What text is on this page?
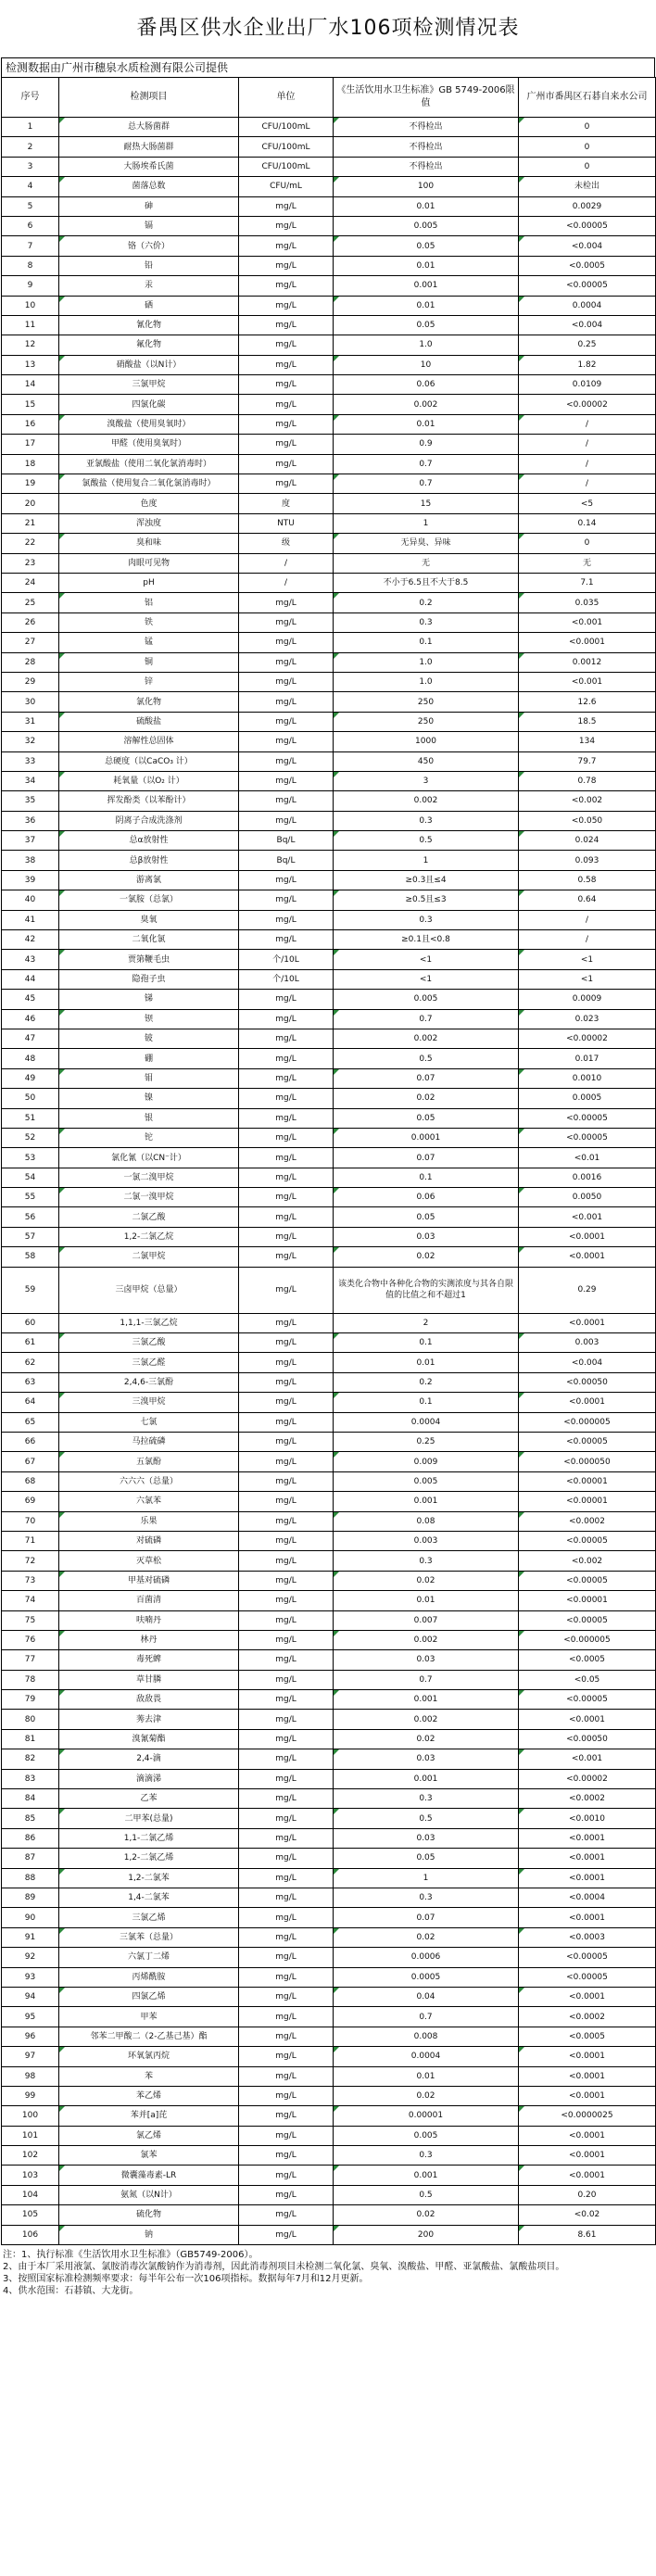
番禺区供水企业出厂水106项检测情况表
检测数据由广州市穗泉水质检测有限公司提供
序号	检测项目	单位	《生活饮用水卫生标准》GB 5749-2006限值	广州市番禺区石碁自来水公司
1	总大肠菌群	CFU/100mL	不得检出	0
2	耐热大肠菌群	CFU/100mL	不得检出	0
3	大肠埃希氏菌	CFU/100mL	不得检出	0
4	菌落总数	CFU/mL	100	未检出
5	砷	mg/L	0.01	0.0029
6	镉	mg/L	0.005	<0.00005
7	铬（六价）	mg/L	0.05	<0.004
8	铅	mg/L	0.01	<0.0005
9	汞	mg/L	0.001	<0.00005
10	硒	mg/L	0.01	0.0004
11	氰化物	mg/L	0.05	<0.004
12	氟化物	mg/L	1.0	0.25
13	硝酸盐（以N计）	mg/L	10	1.82
14	三氯甲烷	mg/L	0.06	0.0109
15	四氯化碳	mg/L	0.002	<0.00002
16	溴酸盐（使用臭氧时）	mg/L	0.01	/
17	甲醛（使用臭氧时）	mg/L	0.9	/
18	亚氯酸盐（使用二氧化氯消毒时）	mg/L	0.7	/
19	氯酸盐（使用复合二氧化氯消毒时）	mg/L	0.7	/
20	色度	度	15	<5
21	浑浊度	NTU	1	0.14
22	臭和味	级	无异臭、异味	0
23	肉眼可见物	/	无	无
24	pH	/	不小于6.5且不大于8.5	7.1
25	铝	mg/L	0.2	0.035
26	铁	mg/L	0.3	<0.001
27	锰	mg/L	0.1	<0.0001
28	铜	mg/L	1.0	0.0012
29	锌	mg/L	1.0	<0.001
30	氯化物	mg/L	250	12.6
31	硫酸盐	mg/L	250	18.5
32	溶解性总固体	mg/L	1000	134
33	总硬度（以CaCO₃ 计）	mg/L	450	79.7
34	耗氧量（以O₂ 计）	mg/L	3	0.78
35	挥发酚类（以苯酚计）	mg/L	0.002	<0.002
36	阴离子合成洗涤剂	mg/L	0.3	<0.050
37	总α放射性	Bq/L	0.5	0.024
38	总β放射性	Bq/L	1	0.093
39	游离氯	mg/L	≥0.3且≤4	0.58
40	一氯胺（总氯）	mg/L	≥0.5且≤3	0.64
41	臭氧	mg/L	0.3	/
42	二氧化氯	mg/L	≥0.1且<0.8	/
43	贾第鞭毛虫	个/10L	<1	<1
44	隐孢子虫	个/10L	<1	<1
45	锑	mg/L	0.005	0.0009
46	钡	mg/L	0.7	0.023
47	铍	mg/L	0.002	<0.00002
48	硼	mg/L	0.5	0.017
49	钼	mg/L	0.07	0.0010
50	镍	mg/L	0.02	0.0005
51	银	mg/L	0.05	<0.00005
52	铊	mg/L	0.0001	<0.00005
53	氯化氰（以CN⁻计）	mg/L	0.07	<0.01
54	一氯二溴甲烷	mg/L	0.1	0.0016
55	二氯一溴甲烷	mg/L	0.06	0.0050
56	二氯乙酸	mg/L	0.05	<0.001
57	1,2-二氯乙烷	mg/L	0.03	<0.0001
58	二氯甲烷	mg/L	0.02	<0.0001
59	三卤甲烷（总量）	mg/L	该类化合物中各种化合物的实测浓度与其各自限值的比值之和不超过1	0.29
60	1,1,1-三氯乙烷	mg/L	2	<0.0001
61	三氯乙酸	mg/L	0.1	0.003
62	三氯乙醛	mg/L	0.01	<0.004
63	2,4,6-三氯酚	mg/L	0.2	<0.00050
64	三溴甲烷	mg/L	0.1	<0.0001
65	七氯	mg/L	0.0004	<0.000005
66	马拉硫磷	mg/L	0.25	<0.00005
67	五氯酚	mg/L	0.009	<0.000050
68	六六六（总量）	mg/L	0.005	<0.00001
69	六氯苯	mg/L	0.001	<0.00001
70	乐果	mg/L	0.08	<0.0002
71	对硫磷	mg/L	0.003	<0.00005
72	灭草松	mg/L	0.3	<0.002
73	甲基对硫磷	mg/L	0.02	<0.00005
74	百菌清	mg/L	0.01	<0.00001
75	呋喃丹	mg/L	0.007	<0.00005
76	林丹	mg/L	0.002	<0.000005
77	毒死蜱	mg/L	0.03	<0.0005
78	草甘膦	mg/L	0.7	<0.05
79	敌敌畏	mg/L	0.001	<0.00005
80	莠去津	mg/L	0.002	<0.0001
81	溴氰菊酯	mg/L	0.02	<0.00050
82	2,4-滴	mg/L	0.03	<0.001
83	滴滴涕	mg/L	0.001	<0.00002
84	乙苯	mg/L	0.3	<0.0002
85	二甲苯(总量)	mg/L	0.5	<0.0010
86	1,1-二氯乙烯	mg/L	0.03	<0.0001
87	1,2-二氯乙烯	mg/L	0.05	<0.0001
88	1,2-二氯苯	mg/L	1	<0.0001
89	1,4-二氯苯	mg/L	0.3	<0.0004
90	三氯乙烯	mg/L	0.07	<0.0001
91	三氯苯（总量）	mg/L	0.02	<0.0003
92	六氯丁二烯	mg/L	0.0006	<0.00005
93	丙烯酰胺	mg/L	0.0005	<0.00005
94	四氯乙烯	mg/L	0.04	<0.0001
95	甲苯	mg/L	0.7	<0.0002
96	邻苯二甲酸二（2-乙基己基）酯	mg/L	0.008	<0.0005
97	环氧氯丙烷	mg/L	0.0004	<0.0001
98	苯	mg/L	0.01	<0.0001
99	苯乙烯	mg/L	0.02	<0.0001
100	苯并[a]芘	mg/L	0.00001	<0.0000025
101	氯乙烯	mg/L	0.005	<0.0001
102	氯苯	mg/L	0.3	<0.0001
103	微囊藻毒素-LR	mg/L	0.001	<0.0001
104	氨氮（以N计）	mg/L	0.5	0.20
105	硫化物	mg/L	0.02	<0.02
106	钠	mg/L	200	8.61
注：1、执行标准《生活饮用水卫生标准》（GB5749-2006）。
2、由于本厂采用液氯、氯胺消毒次氯酸钠作为消毒剂，因此消毒剂项目未检测二氧化氯、臭氧、溴酸盐、甲醛、亚氯酸盐、氯酸盐项目。
3、按照国家标准检测频率要求：每半年公布一次106项指标。数据每年7月和12月更新。
4、供水范围：石碁镇、大龙街。
